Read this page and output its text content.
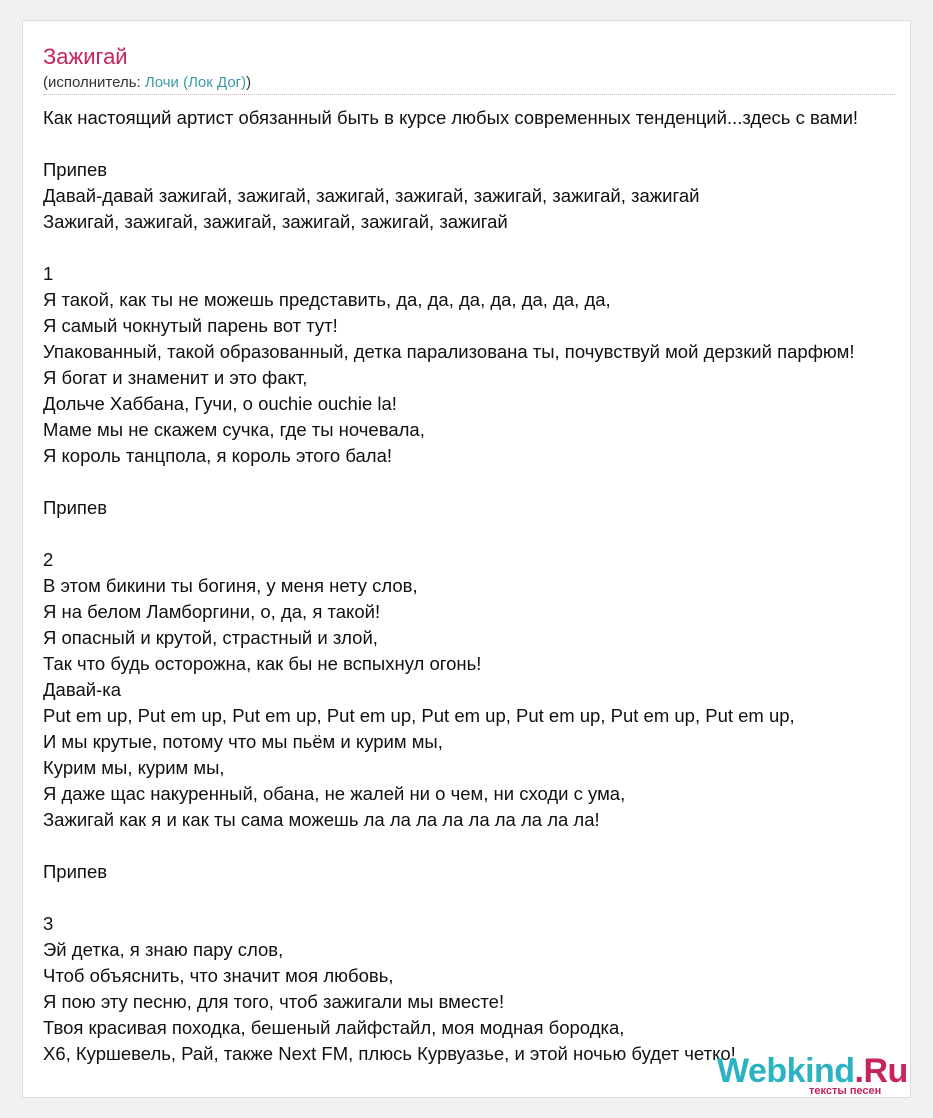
Зажигай
(исполнитель: Лочи (Лок Дог))
Как настоящий артист обязанный быть в курсе любых современных тенденций...здесь с вами!
Припев
Давай-давай зажигай, зажигай, зажигай, зажигай, зажигай, зажигай, зажигай
Зажигай, зажигай, зажигай, зажигай, зажигай, зажигай
1
Я такой, как ты не можешь представить, да, да, да, да, да, да, да,
Я самый чокнутый парень вот тут!
Упакованный, такой образованный, детка парализована ты, почувствуй мой дерзкий парфюм!
Я богат и знаменит и это факт,
Дольче Хаббана, Гучи, о ouchie ouchie la!
Маме мы не скажем сучка, где ты ночевала,
Я король танцпола, я король этого бала!
Припев
2
В этом бикини ты богиня, у меня нету слов,
Я на белом Ламборгини, о, да, я такой!
Я опасный и крутой, страстный и злой,
Так что будь осторожна, как бы не вспыхнул огонь!
Давай-ка
Put em up, Put em up, Put em up, Put em up, Put em up, Put em up, Put em up, Put em up,
И мы крутые, потому что мы пьём и курим мы,
Курим мы, курим мы,
Я даже щас накуренный, обана, не жалей ни о чем, ни сходи с ума,
Зажигай как я и как ты сама можешь ла ла ла ла ла ла ла ла ла!
Припев
3
Эй детка, я знаю пару слов,
Чтоб объяснить, что значит моя любовь,
Я пою эту песню, для того, чтоб зажигали мы вместе!
Твоя красивая походка, бешеный лайфстайл, моя модная бородка,
X6, Куршевель, Рай, также Next FM, плюсь Курвуазье, и этой ночью будет четко!
Webkind.Ru
тексты песен
